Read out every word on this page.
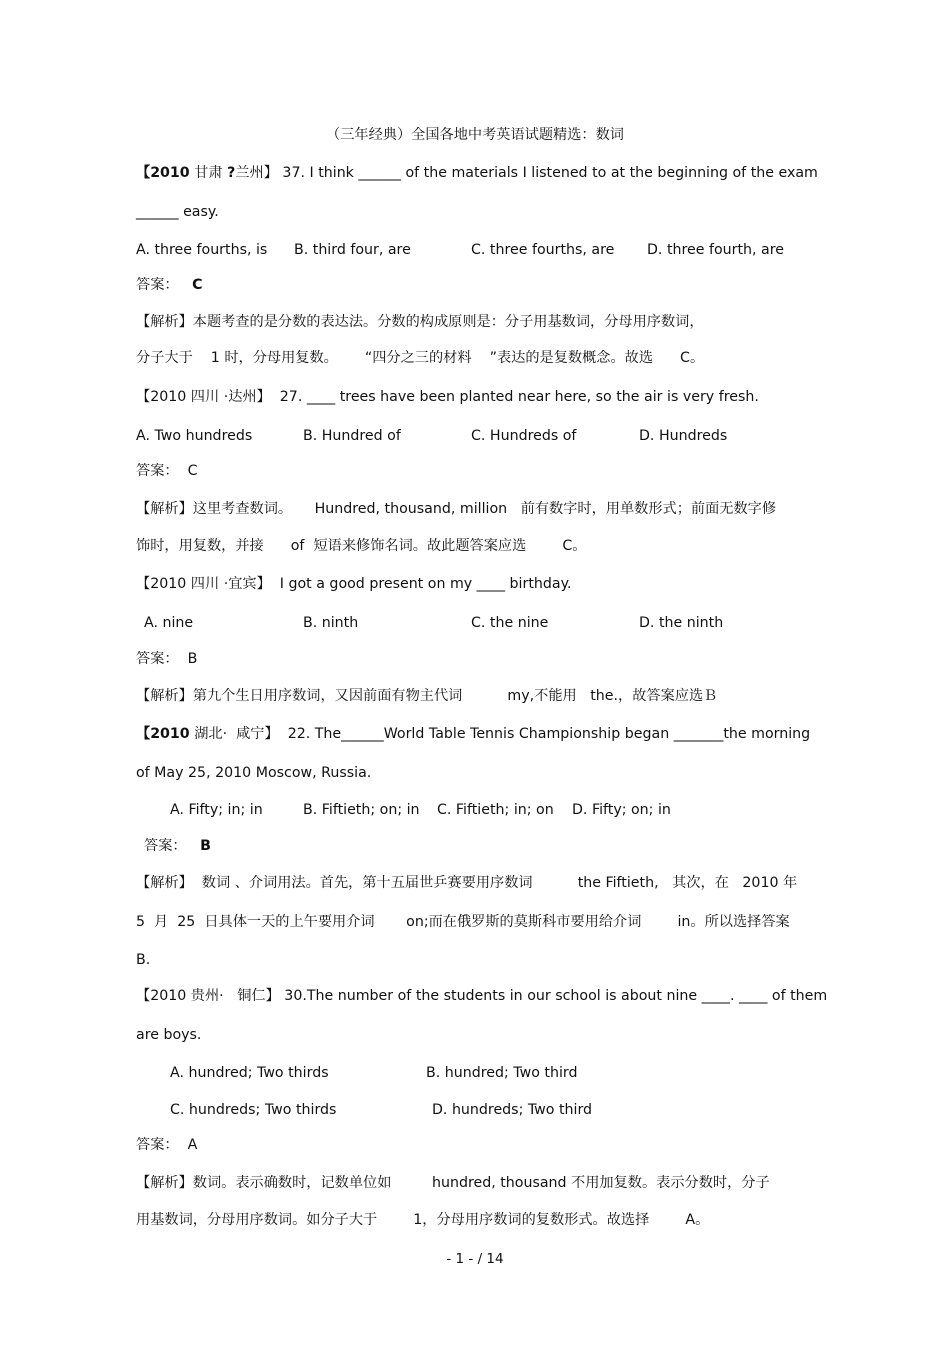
（三年经典）全国各地中考英语试题精选：数词
【2010 甘肃 ?兰州】 37. I think ______ of the materials I listened to at the beginning of the exam
______ easy.
A. three fourths, is B. third four, are	C. three fourths, are D. three fourth, are
答案： C
【解析】本题考查的是分数的表达法。分数的构成原则是：分子用基数词，分母用序数词，
分子大于    1 时，分母用复数。      “四分之三的材料    ”表达的是复数概念。故选      C。
【2010 四川 ·达州】  27. ____ trees have been planted near here, so the air is very fresh.
A. Two hundreds	B. Hundred of	C. Hundreds of	D. Hundreds
答案：  C
【解析】这里考查数词。     Hundred, thousand, million   前有数字时，用单数形式；前面无数字修
饰时，用复数，并接      of  短语来修饰名词。故此题答案应选        C。
【2010 四川 ·宜宾】  I got a good present on my ____ birthday.
A. nine	B. ninth	C. the nine	D. the ninth
答案：  B
【解析】第九个生日用序数词，又因前面有物主代词          my,不能用   the.，故答案应选Ｂ
【2010 湖北·  咸宁】  22. The______World Table Tennis Championship began _______the morning
of May 25, 2010 Moscow, Russia.
A. Fifty; in; in	B. Fiftieth; on; in C. Fiftieth; in; on D. Fifty; on; in
答案： B
【解析】  数词 、介词用法。首先，第十五届世乒赛要用序数词          the Fiftieth,   其次，在   2010 年
5  月  25  日具体一天的上午要用介词       on;而在俄罗斯的莫斯科市要用给介词        in。所以选择答案
B.
【2010 贵州·   铜仁】 30.The number of the students in our school is about nine ____. ____ of them
are boys.
A. hundred; Two thirds	B. hundred; Two third
C. hundreds; Two thirds	D. hundreds; Two third
答案：  A
【解析】数词。表示确数时，记数单位如         hundred, thousand 不用加复数。表示分数时，分子
用基数词，分母用序数词。如分子大于        1，分母用序数词的复数形式。故选择        A。
- 1 - / 14
